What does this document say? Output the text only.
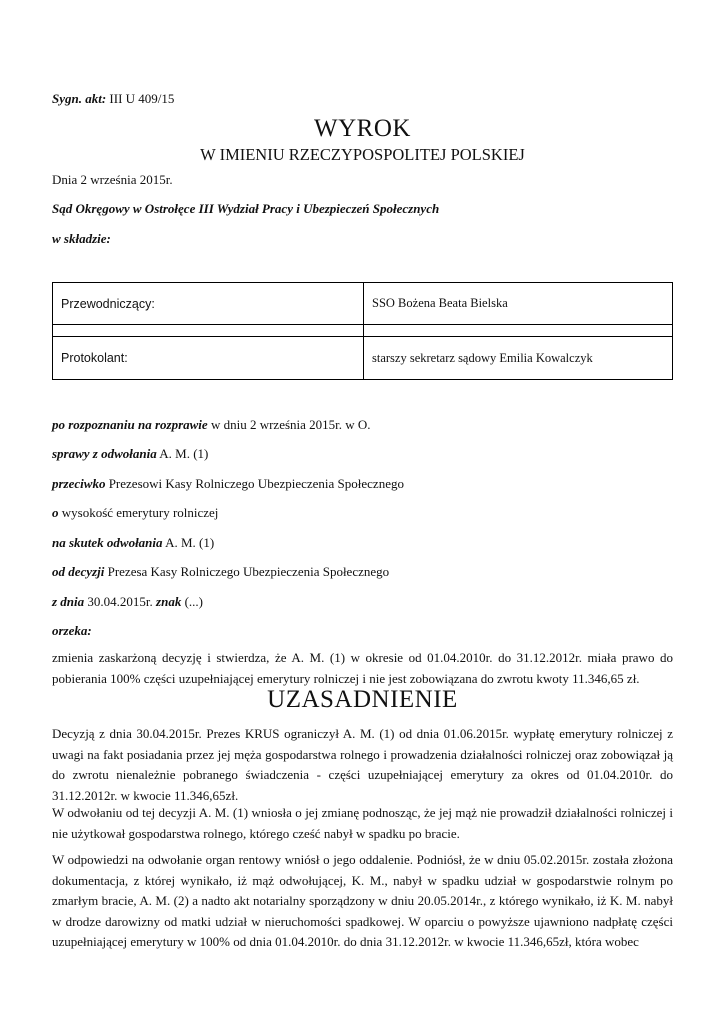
Sygn. akt: III U 409/15
WYROK
W IMIENIU RZECZYPOSPOLITEJ POLSKIEJ
Dnia 2 września 2015r.
Sąd Okręgowy w Ostrołęce III Wydział Pracy i Ubezpieczeń Społecznych
w składzie:
Przewodniczący:	SSO Bożena Beata Bielska

Protokolant:	starszy sekretarz sądowy Emilia Kowalczyk
po rozpoznaniu na rozprawie w dniu 2 września 2015r. w O.
sprawy z odwołania A. M. (1)
przeciwko Prezesowi Kasy Rolniczego Ubezpieczenia Społecznego
o wysokość emerytury rolniczej
na skutek odwołania A. M. (1)
od decyzji Prezesa Kasy Rolniczego Ubezpieczenia Społecznego
z dnia 30.04.2015r. znak (...)
orzeka:

zmienia zaskarżoną decyzję i stwierdza, że A. M. (1) w okresie od 01.04.2010r. do 31.12.2012r. miała prawo do pobierania 100% części uzupełniającej emerytury rolniczej i nie jest zobowiązana do zwrotu kwoty 11.346,65 zł.

UZASADNIENIE

Decyzją z dnia 30.04.2015r. Prezes KRUS ograniczył A. M. (1) od dnia 01.06.2015r. wypłatę emerytury rolniczej z uwagi na fakt posiadania przez jej męża gospodarstwa rolnego i prowadzenia działalności rolniczej oraz zobowiązał ją do zwrotu nienależnie pobranego świadczenia - części uzupełniającej emerytury za okres od 01.04.2010r. do 31.12.2012r. w kwocie 11.346,65zł.

W odwołaniu od tej decyzji A. M. (1) wniosła o jej zmianę podnosząc, że jej mąż nie prowadził działalności rolniczej i nie użytkował gospodarstwa rolnego, którego cześć nabył w spadku po bracie.

W odpowiedzi na odwołanie organ rentowy wniósł o jego oddalenie. Podniósł, że w dniu 05.02.2015r. została złożona dokumentacja, z której wynikało, iż mąż odwołującej, K. M., nabył w spadku udział w gospodarstwie rolnym po zmarłym bracie, A. M. (2) a nadto akt notarialny sporządzony w dniu 20.05.2014r., z którego wynikało, iż K. M. nabył w drodze darowizny od matki udział w nieruchomości spadkowej. W oparciu o powyższe ujawniono nadpłatę części uzupełniającej emerytury w 100% od dnia 01.04.2010r. do dnia 31.12.2012r. w kwocie 11.346,65zł, która wobec
